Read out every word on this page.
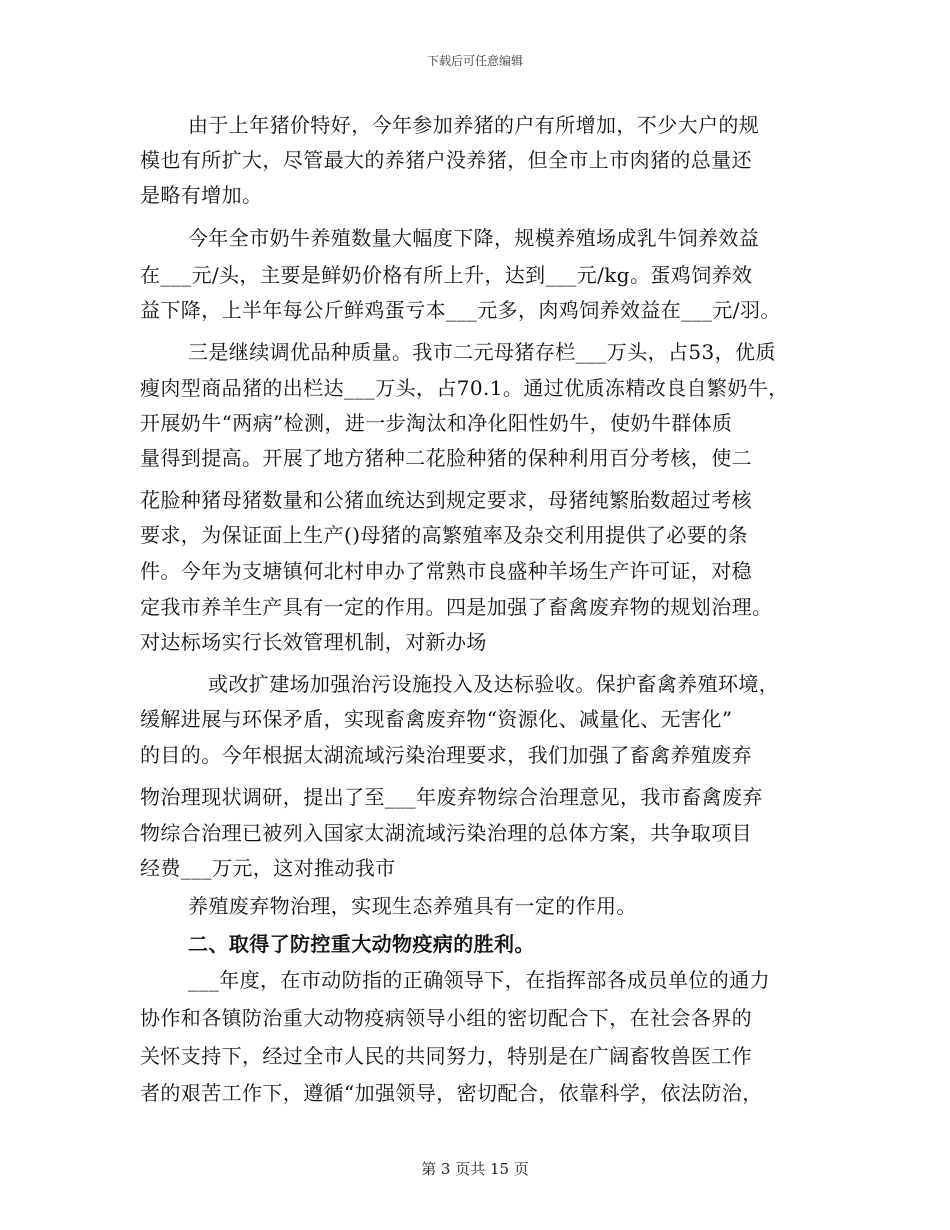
下载后可任意编辑
由于上年猪价特好，今年参加养猪的户有所增加，不少大户的规
模也有所扩大，尽管最大的养猪户没养猪，但全市上市肉猪的总量还
是略有增加。
今年全市奶牛养殖数量大幅度下降，规模养殖场成乳牛饲养效益
在___元/头，主要是鲜奶价格有所上升，达到___元/kg。蛋鸡饲养效
益下降，上半年每公斤鲜鸡蛋亏本___元多，肉鸡饲养效益在___元/羽。
三是继续调优品种质量。我市二元母猪存栏___万头，占53，优质
瘦肉型商品猪的出栏达___万头，占70.1。通过优质冻精改良自繁奶牛，
开展奶牛“两病”检测，进一步淘汰和净化阳性奶牛，使奶牛群体质
量得到提高。开展了地方猪种二花脸种猪的保种利用百分考核，使二
花脸种猪母猪数量和公猪血统达到规定要求，母猪纯繁胎数超过考核
要求，为保证面上生产()母猪的高繁殖率及杂交利用提供了必要的条
件。今年为支塘镇何北村申办了常熟市良盛种羊场生产许可证，对稳
定我市养羊生产具有一定的作用。四是加强了畜禽废弃物的规划治理。
对达标场实行长效管理机制，对新办场
或改扩建场加强治污设施投入及达标验收。保护畜禽养殖环境，
缓解进展与环保矛盾，实现畜禽废弃物“资源化、减量化、无害化”
的目的。今年根据太湖流域污染治理要求，我们加强了畜禽养殖废弃
物治理现状调研，提出了至___年废弃物综合治理意见，我市畜禽废弃
物综合治理已被列入国家太湖流域污染治理的总体方案，共争取项目
经费___万元，这对推动我市
养殖废弃物治理，实现生态养殖具有一定的作用。
二、取得了防控重大动物疫病的胜利。
___年度，在市动防指的正确领导下，在指挥部各成员单位的通力
协作和各镇防治重大动物疫病领导小组的密切配合下，在社会各界的
关怀支持下，经过全市人民的共同努力，特别是在广阔畜牧兽医工作
者的艰苦工作下，遵循“加强领导，密切配合，依靠科学，依法防治，
第 3 页共 15 页
